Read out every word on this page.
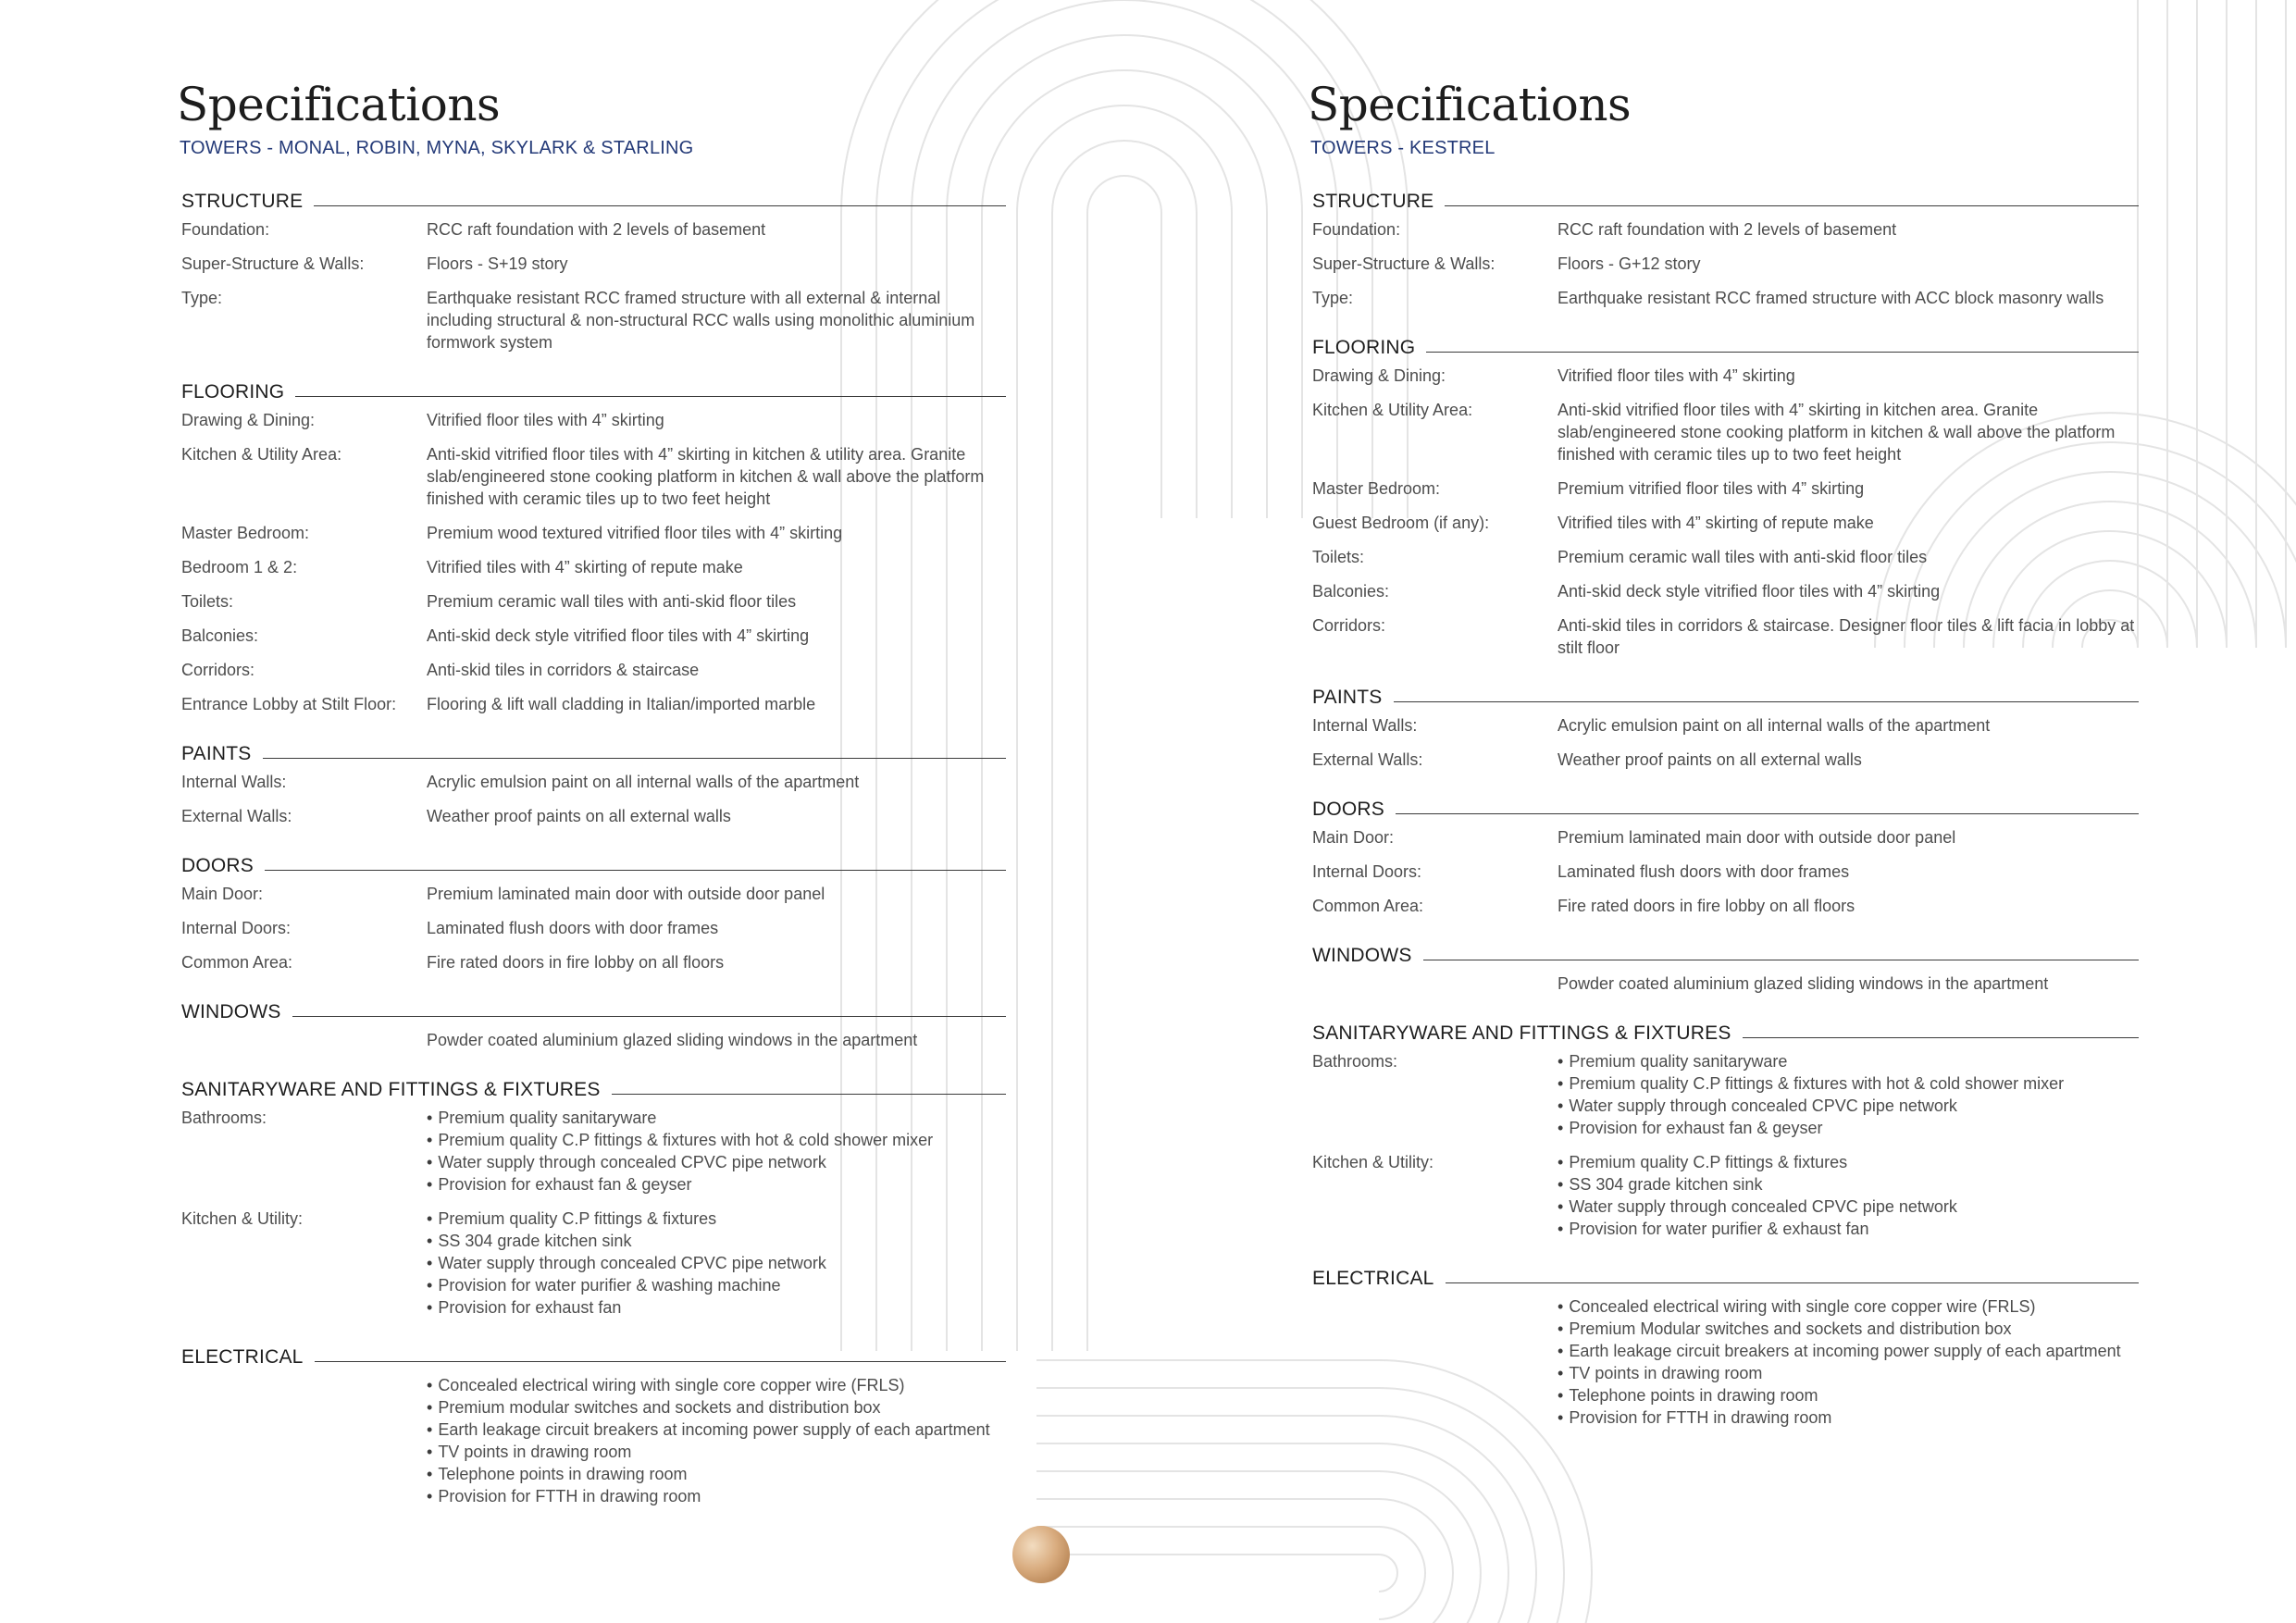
Specifications
TOWERS - MONAL, ROBIN, MYNA, SKYLARK & STARLING
STRUCTURE
Foundation:	RCC raft foundation with 2 levels of basement
Super-Structure & Walls:	Floors - S+19 story
Type:	Earthquake resistant RCC framed structure with all external & internal including structural & non-structural RCC walls using monolithic aluminium formwork system
FLOORING
Drawing & Dining:	Vitrified floor tiles with 4” skirting
Kitchen & Utility Area:	Anti-skid vitrified floor tiles with 4” skirting in kitchen & utility area. Granite slab/engineered stone cooking platform in kitchen & wall above the platform finished with ceramic tiles up to two feet height
Master Bedroom:	Premium wood textured vitrified floor tiles with 4” skirting
Bedroom 1 & 2:	Vitrified tiles with 4” skirting of repute make
Toilets:	Premium ceramic wall tiles with anti-skid floor tiles
Balconies:	Anti-skid deck style vitrified floor tiles with 4” skirting
Corridors:	Anti-skid tiles in corridors & staircase
Entrance Lobby at Stilt Floor:	Flooring & lift wall cladding in Italian/imported marble
PAINTS
Internal Walls:	Acrylic emulsion paint on all internal walls of the apartment
External Walls:	Weather proof paints on all external walls
DOORS
Main Door:	Premium laminated main door with outside door panel
Internal Doors:	Laminated flush doors with door frames
Common Area:	Fire rated doors in fire lobby on all floors
WINDOWS
Powder coated aluminium glazed sliding windows in the apartment
SANITARYWARE AND FITTINGS & FIXTURES
Bathrooms:	• Premium quality sanitaryware
• Premium quality C.P fittings & fixtures with hot & cold shower mixer
• Water supply through concealed CPVC pipe network
• Provision for exhaust fan & geyser
Kitchen & Utility:	• Premium quality C.P fittings & fixtures
• SS 304 grade kitchen sink
• Water supply through concealed CPVC pipe network
• Provision for water purifier & washing machine
• Provision for exhaust fan
ELECTRICAL
• Concealed electrical wiring with single core copper wire (FRLS)
• Premium modular switches and sockets and distribution box
• Earth leakage circuit breakers at incoming power supply of each apartment
• TV points in drawing room
• Telephone points in drawing room
• Provision for FTTH in drawing room
Specifications
TOWERS - KESTREL
STRUCTURE
Foundation:	RCC raft foundation with 2 levels of basement
Super-Structure & Walls:	Floors - G+12 story
Type:	Earthquake resistant RCC framed structure with ACC block masonry walls
FLOORING
Drawing & Dining:	Vitrified floor tiles with 4” skirting
Kitchen & Utility Area:	Anti-skid vitrified floor tiles with 4” skirting in kitchen area. Granite slab/engineered stone cooking platform in kitchen & wall above the platform finished with ceramic tiles up to two feet height
Master Bedroom:	Premium vitrified floor tiles with 4” skirting
Guest Bedroom (if any):	Vitrified tiles with 4” skirting of repute make
Toilets:	Premium ceramic wall tiles with anti-skid floor tiles
Balconies:	Anti-skid deck style vitrified floor tiles with 4” skirting
Corridors:	Anti-skid tiles in corridors & staircase. Designer floor tiles & lift facia in lobby at stilt floor
PAINTS
Internal Walls:	Acrylic emulsion paint on all internal walls of the apartment
External Walls:	Weather proof paints on all external walls
DOORS
Main Door:	Premium laminated main door with outside door panel
Internal Doors:	Laminated flush doors with door frames
Common Area:	Fire rated doors in fire lobby on all floors
WINDOWS
Powder coated aluminium glazed sliding windows in the apartment
SANITARYWARE AND FITTINGS & FIXTURES
Bathrooms:	• Premium quality sanitaryware
• Premium quality C.P fittings & fixtures with hot & cold shower mixer
• Water supply through concealed CPVC pipe network
• Provision for exhaust fan & geyser
Kitchen & Utility:	• Premium quality C.P fittings & fixtures
• SS 304 grade kitchen sink
• Water supply through concealed CPVC pipe network
• Provision for water purifier & exhaust fan
ELECTRICAL
• Concealed electrical wiring with single core copper wire (FRLS)
• Premium Modular switches and sockets and distribution box
• Earth leakage circuit breakers at incoming power supply of each apartment
• TV points in drawing room
• Telephone points in drawing room
• Provision for FTTH in drawing room
